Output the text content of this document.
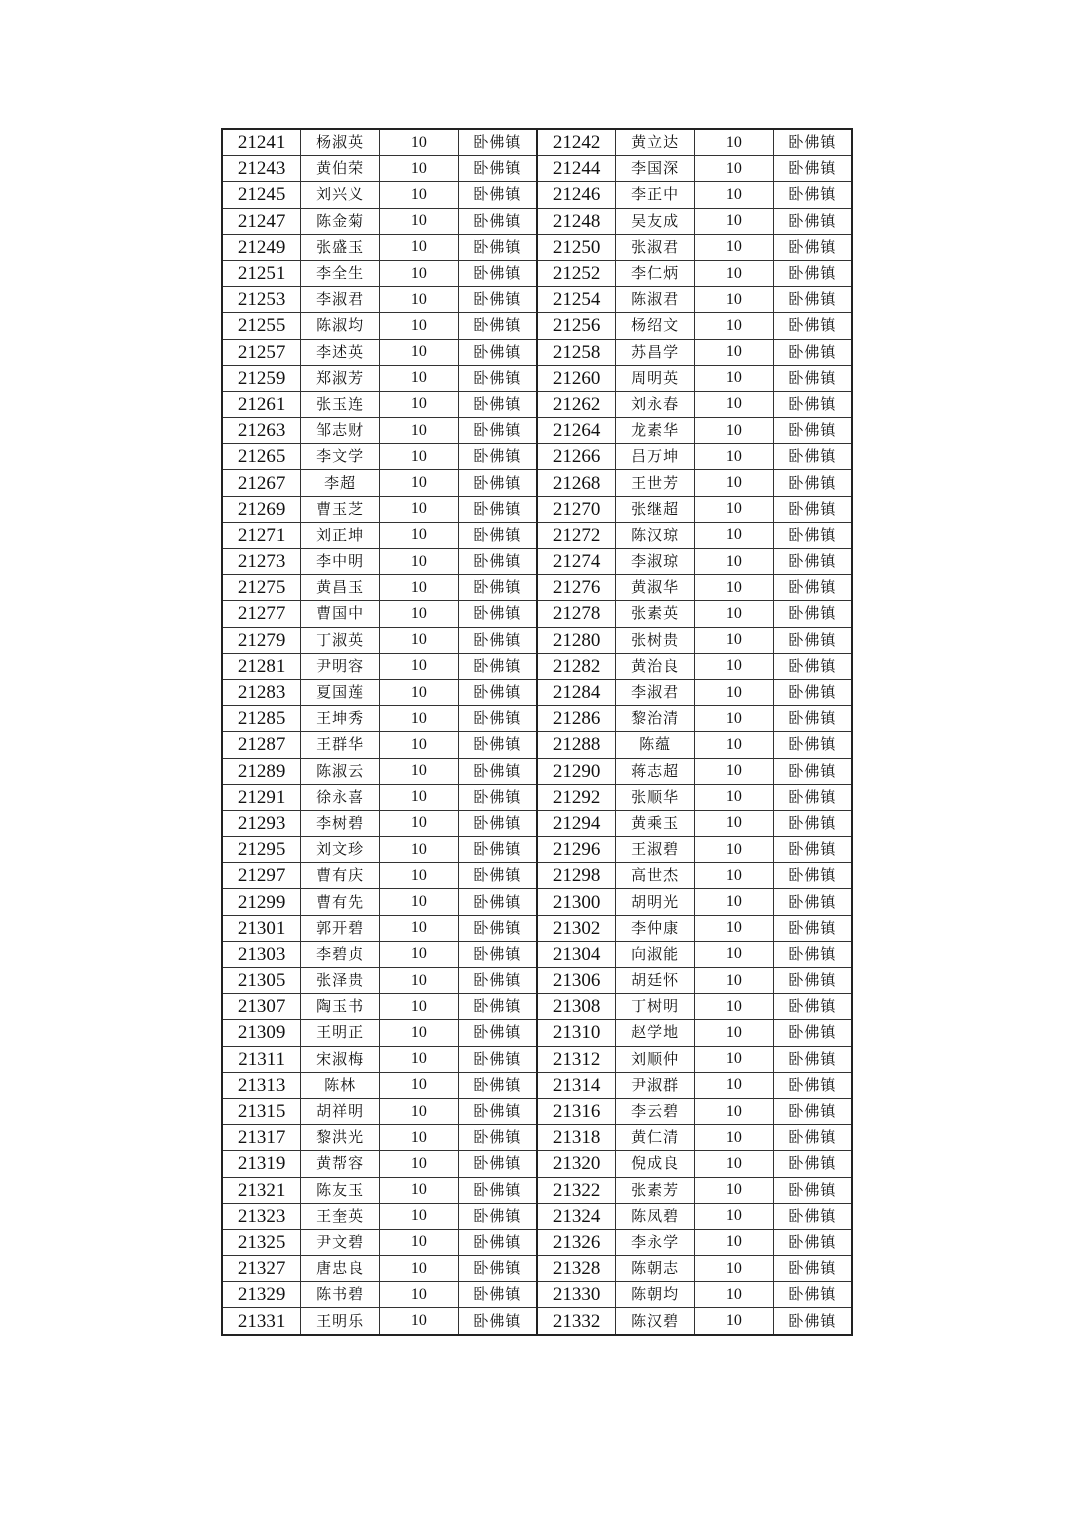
21241	杨淑英	10	卧佛镇	21242	黄立达	10	卧佛镇
21243	黄伯荣	10	卧佛镇	21244	李国深	10	卧佛镇
21245	刘兴义	10	卧佛镇	21246	李正中	10	卧佛镇
21247	陈金菊	10	卧佛镇	21248	吴友成	10	卧佛镇
21249	张盛玉	10	卧佛镇	21250	张淑君	10	卧佛镇
21251	李全生	10	卧佛镇	21252	李仁炳	10	卧佛镇
21253	李淑君	10	卧佛镇	21254	陈淑君	10	卧佛镇
21255	陈淑均	10	卧佛镇	21256	杨绍文	10	卧佛镇
21257	李述英	10	卧佛镇	21258	苏昌学	10	卧佛镇
21259	郑淑芳	10	卧佛镇	21260	周明英	10	卧佛镇
21261	张玉连	10	卧佛镇	21262	刘永春	10	卧佛镇
21263	邹志财	10	卧佛镇	21264	龙素华	10	卧佛镇
21265	李文学	10	卧佛镇	21266	吕万坤	10	卧佛镇
21267	李超	10	卧佛镇	21268	王世芳	10	卧佛镇
21269	曹玉芝	10	卧佛镇	21270	张继超	10	卧佛镇
21271	刘正坤	10	卧佛镇	21272	陈汉琼	10	卧佛镇
21273	李中明	10	卧佛镇	21274	李淑琼	10	卧佛镇
21275	黄昌玉	10	卧佛镇	21276	黄淑华	10	卧佛镇
21277	曹国中	10	卧佛镇	21278	张素英	10	卧佛镇
21279	丁淑英	10	卧佛镇	21280	张树贵	10	卧佛镇
21281	尹明容	10	卧佛镇	21282	黄治良	10	卧佛镇
21283	夏国莲	10	卧佛镇	21284	李淑君	10	卧佛镇
21285	王坤秀	10	卧佛镇	21286	黎治清	10	卧佛镇
21287	王群华	10	卧佛镇	21288	陈蕴	10	卧佛镇
21289	陈淑云	10	卧佛镇	21290	蒋志超	10	卧佛镇
21291	徐永喜	10	卧佛镇	21292	张顺华	10	卧佛镇
21293	李树碧	10	卧佛镇	21294	黄乘玉	10	卧佛镇
21295	刘文珍	10	卧佛镇	21296	王淑碧	10	卧佛镇
21297	曹有庆	10	卧佛镇	21298	高世杰	10	卧佛镇
21299	曹有先	10	卧佛镇	21300	胡明光	10	卧佛镇
21301	郭开碧	10	卧佛镇	21302	李仲康	10	卧佛镇
21303	李碧贞	10	卧佛镇	21304	向淑能	10	卧佛镇
21305	张泽贵	10	卧佛镇	21306	胡廷怀	10	卧佛镇
21307	陶玉书	10	卧佛镇	21308	丁树明	10	卧佛镇
21309	王明正	10	卧佛镇	21310	赵学地	10	卧佛镇
21311	宋淑梅	10	卧佛镇	21312	刘顺仲	10	卧佛镇
21313	陈林	10	卧佛镇	21314	尹淑群	10	卧佛镇
21315	胡祥明	10	卧佛镇	21316	李云碧	10	卧佛镇
21317	黎洪光	10	卧佛镇	21318	黄仁清	10	卧佛镇
21319	黄帮容	10	卧佛镇	21320	倪成良	10	卧佛镇
21321	陈友玉	10	卧佛镇	21322	张素芳	10	卧佛镇
21323	王奎英	10	卧佛镇	21324	陈凤碧	10	卧佛镇
21325	尹文碧	10	卧佛镇	21326	李永学	10	卧佛镇
21327	唐忠良	10	卧佛镇	21328	陈朝志	10	卧佛镇
21329	陈书碧	10	卧佛镇	21330	陈朝均	10	卧佛镇
21331	王明乐	10	卧佛镇	21332	陈汉碧	10	卧佛镇
